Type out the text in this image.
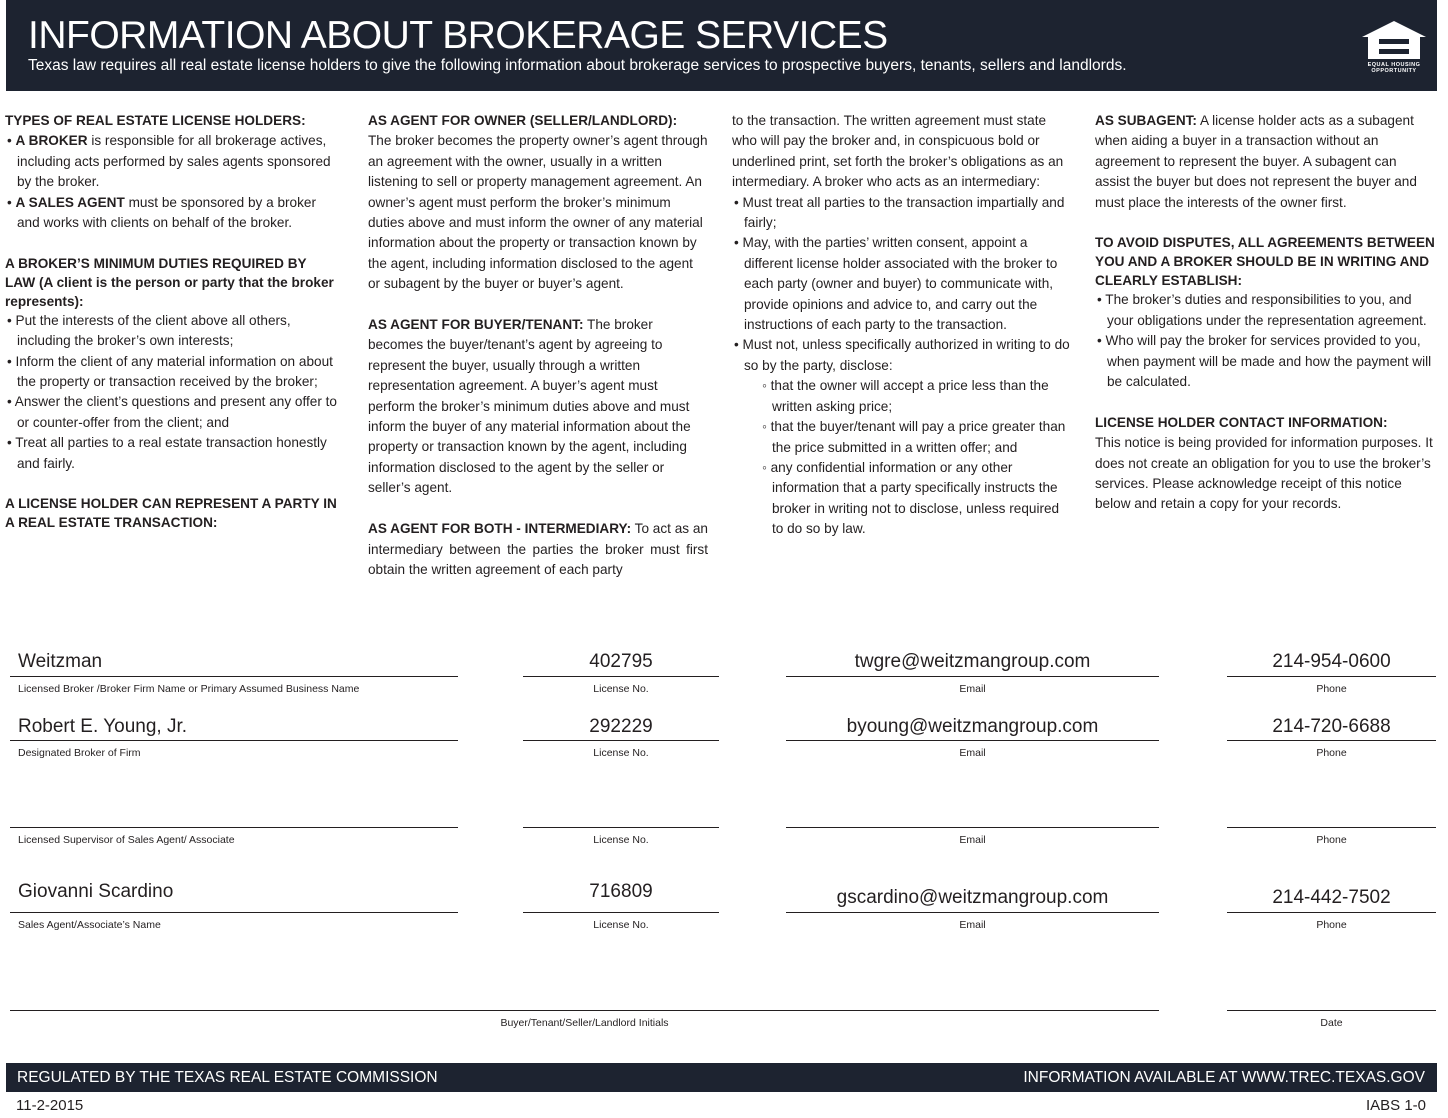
INFORMATION ABOUT BROKERAGE SERVICES
Texas law requires all real estate license holders to give the following information about brokerage services to prospective buyers, tenants, sellers and landlords.	EQUAL HOUSING
OPPORTUNITY

TYPES OF REAL ESTATE LICENSE HOLDERS:

• A BROKER is responsible for all brokerage actives, including acts performed by sales agents sponsored by the broker.

• A SALES AGENT must be sponsored by a broker and works with clients on behalf of the broker.

A BROKER’S MINIMUM DUTIES REQUIRED BY LAW (A client is the person or party that the broker represents):

• Put the interests of the client above all others, including the broker’s own interests;

• Inform the client of any material information on about the property or transaction received by the broker;

• Answer the client’s questions and present any offer to or counter-offer from the client; and

• Treat all parties to a real estate transaction honestly and fairly.

A LICENSE HOLDER CAN REPRESENT A PARTY IN A REAL ESTATE TRANSACTION:

AS AGENT FOR OWNER (SELLER/LANDLORD):

The broker becomes the property owner’s agent through an agreement with the owner, usually in a written listening to sell or property management agreement. An owner’s agent must perform the broker’s minimum duties above and must inform the owner of any material information about the property or transaction known by the agent, including information disclosed to the agent or subagent by the buyer or buyer’s agent.

AS AGENT FOR BUYER/TENANT: The broker becomes the buyer/tenant’s agent by agreeing to represent the buyer, usually through a written representation agreement. A buyer’s agent must perform the broker’s minimum duties above and must inform the buyer of any material information about the property or transaction known by the agent, including information disclosed to the agent by the seller or seller’s agent.

AS AGENT FOR BOTH - INTERMEDIARY: To act as an intermediary between the parties the broker must first obtain the written agreement of each party

to the transaction. The written agreement must state who will pay the broker and, in conspicuous bold or underlined print, set forth the broker’s obligations as an intermediary. A broker who acts as an intermediary:

• Must treat all parties to the transaction impartially and fairly;

• May, with the parties’ written consent, appoint a different license holder associated with the broker to each party (owner and buyer) to communicate with, provide opinions and advice to, and carry out the instructions of each party to the transaction.

• Must not, unless specifically authorized in writing to do so by the party, disclose:

◦ that the owner will accept a price less than the written asking price;

◦ that the buyer/tenant will pay a price greater than the price submitted in a written offer; and

◦ any confidential information or any other information that a party specifically instructs the broker in writing not to disclose, unless required to do so by law.

AS SUBAGENT: A license holder acts as a subagent when aiding a buyer in a transaction without an agreement to represent the buyer. A subagent can assist the buyer but does not represent the buyer and must place the interests of the owner first.

TO AVOID DISPUTES, ALL AGREEMENTS BETWEEN YOU AND A BROKER SHOULD BE IN WRITING AND CLEARLY ESTABLISH:

• The broker’s duties and responsibilities to you, and your obligations under the representation agreement.

• Who will pay the broker for services provided to you, when payment will be made and how the payment will be calculated.

LICENSE HOLDER CONTACT INFORMATION:

This notice is being provided for information purposes. It does not create an obligation for you to use the broker’s services. Please acknowledge receipt of this notice below and retain a copy for your records.

Weitzman
Licensed Broker /Broker Firm Name or Primary Assumed Business Name
402795
License No.
twgre@weitzmangroup.com
Email
214-954-0600
Phone
Robert E. Young, Jr.
Designated Broker of Firm
292229
License No.
byoung@weitzmangroup.com
Email
214-720-6688
Phone
Licensed Supervisor of Sales Agent/ Associate	License No.	Email	Phone
Giovanni Scardino
Sales Agent/Associate’s Name
716809
License No.
gscardino@weitzmangroup.com
Email
214-442-7502
Phone
Buyer/Tenant/Seller/Landlord Initials	Date
REGULATED BY THE TEXAS REAL ESTATE COMMISSION	INFORMATION AVAILABLE AT WWW.TREC.TEXAS.GOV
11-2-2015	IABS 1-0
